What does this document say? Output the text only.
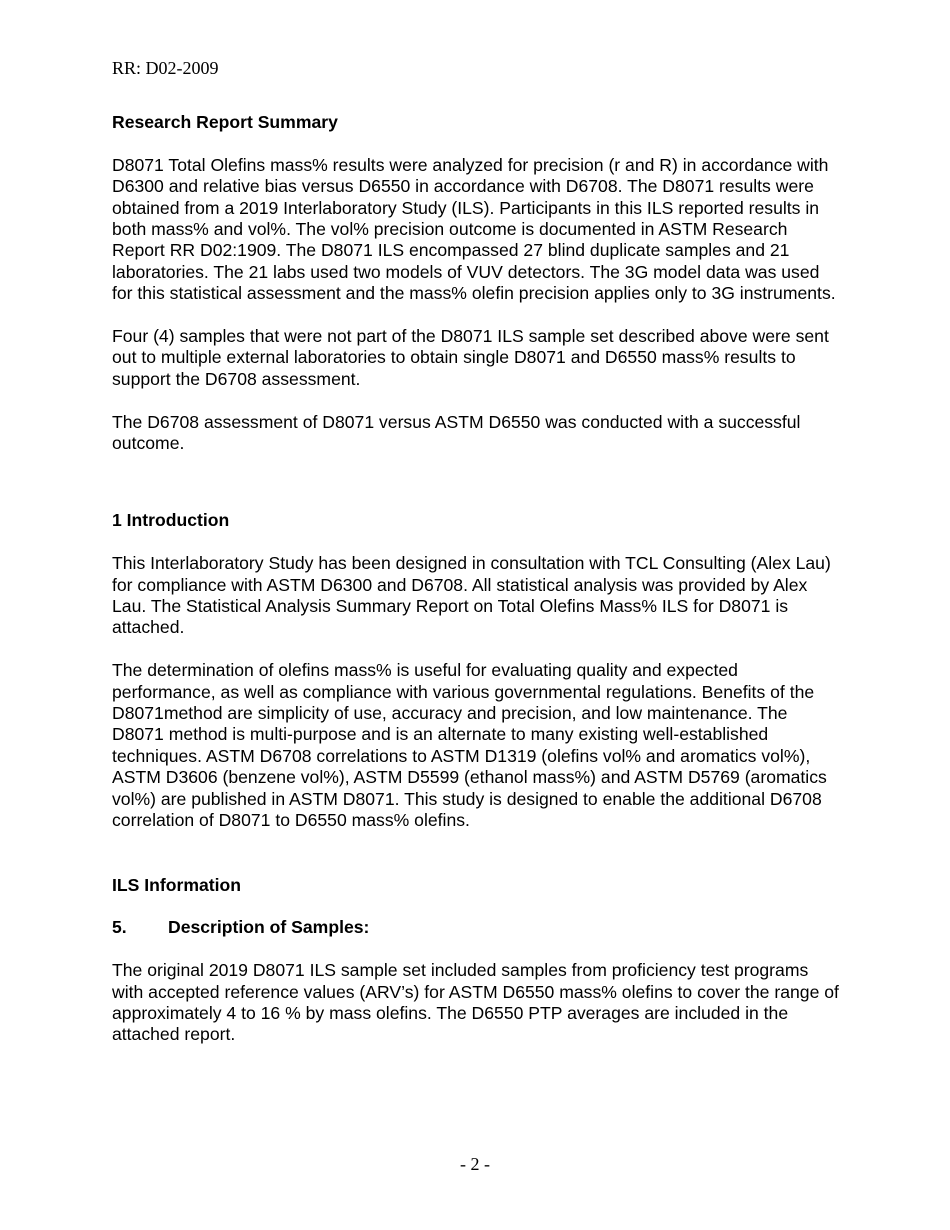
RR: D02-2009

Research Report Summary

D8071 Total Olefins mass% results were analyzed for precision (r and R) in accordance with D6300 and relative bias versus D6550 in accordance with D6708. The D8071 results were obtained from a 2019 Interlaboratory Study (ILS). Participants in this ILS reported results in both mass% and vol%. The vol% precision outcome is documented in ASTM Research Report RR D02:1909. The D8071 ILS encompassed 27 blind duplicate samples and 21 laboratories. The 21 labs used two models of VUV detectors. The 3G model data was used for this statistical assessment and the mass% olefin precision applies only to 3G instruments.

Four (4) samples that were not part of the D8071 ILS sample set described above were sent out to multiple external laboratories to obtain single D8071 and D6550 mass% results to support the D6708 assessment.

The D6708 assessment of D8071 versus ASTM D6550 was conducted with a successful outcome.

1 Introduction

This Interlaboratory Study has been designed in consultation with TCL Consulting (Alex Lau) for compliance with ASTM D6300 and D6708. All statistical analysis was provided by Alex Lau. The Statistical Analysis Summary Report on Total Olefins Mass% ILS for D8071 is attached.

The determination of olefins mass% is useful for evaluating quality and expected performance, as well as compliance with various governmental regulations. Benefits of the D8071method are simplicity of use, accuracy and precision, and low maintenance. The D8071 method is multi-purpose and is an alternate to many existing well-established techniques. ASTM D6708 correlations to ASTM D1319 (olefins vol% and aromatics vol%), ASTM D3606 (benzene vol%), ASTM D5599 (ethanol mass%) and ASTM D5769 (aromatics vol%) are published in ASTM D8071. This study is designed to enable the additional D6708 correlation of D8071 to D6550 mass% olefins.

ILS Information

5.	Description of Samples:

The original 2019 D8071 ILS sample set included samples from proficiency test programs with accepted reference values (ARV’s) for ASTM D6550 mass% olefins to cover the range of approximately 4 to 16 % by mass olefins. The D6550 PTP averages are included in the attached report.

- 2 -
